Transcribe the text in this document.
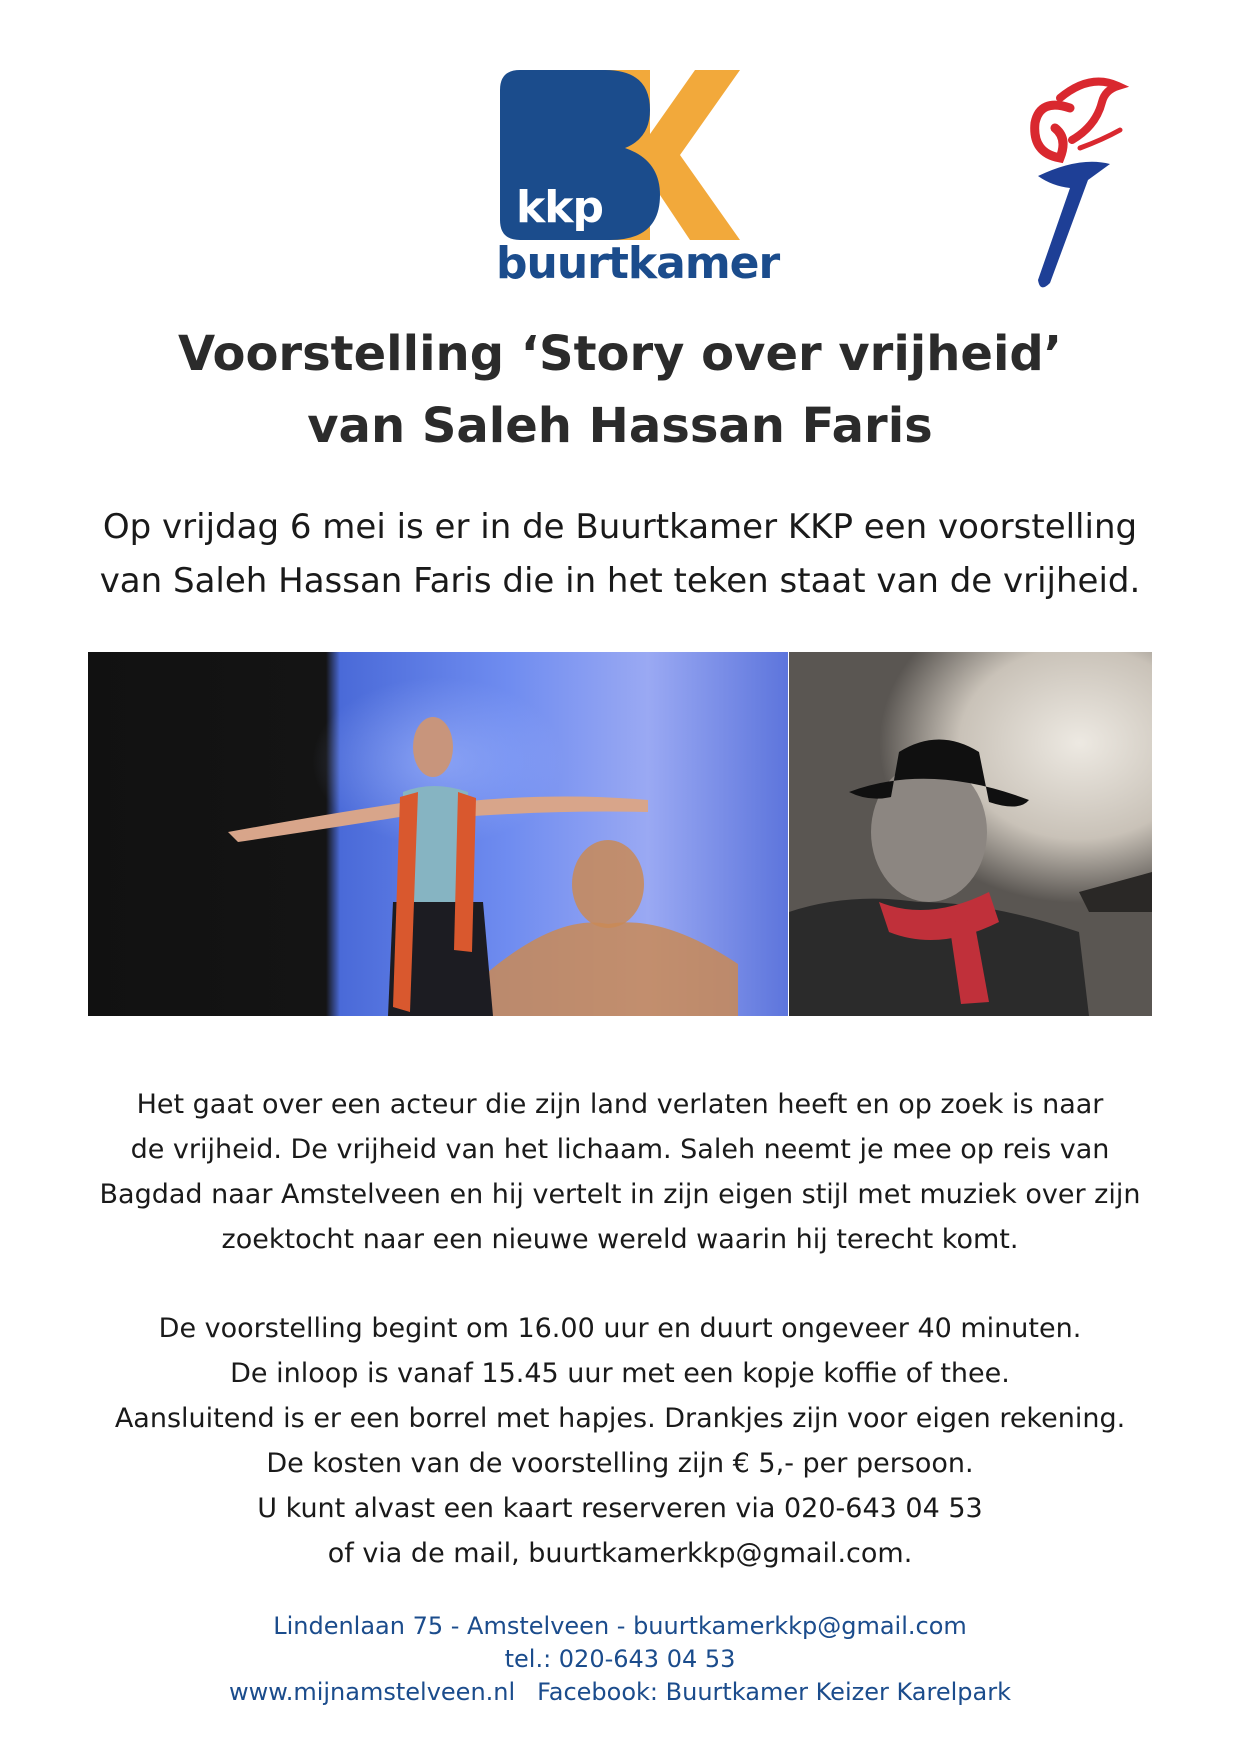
kkp
buurtkamer
Voorstelling ‘Story over vrijheid’
van Saleh Hassan Faris

Op vrijdag 6 mei is er in de Buurtkamer KKP een voorstelling
van Saleh Hassan Faris die in het teken staat van de vrijheid.

Het gaat over een acteur die zijn land verlaten heeft en op zoek is naar
de vrijheid. De vrijheid van het lichaam. Saleh neemt je mee op reis van
Bagdad naar Amstelveen en hij vertelt in zijn eigen stijl met muziek over zijn
zoektocht naar een nieuwe wereld waarin hij terecht komt.

De voorstelling begint om 16.00 uur en duurt ongeveer 40 minuten.
De inloop is vanaf 15.45 uur met een kopje koffie of thee.
Aansluitend is er een borrel met hapjes. Drankjes zijn voor eigen rekening.
De kosten van de voorstelling zijn € 5,- per persoon.
U kunt alvast een kaart reserveren via 020-643 04 53
of via de mail, buurtkamerkkp@gmail.com.

Lindenlaan 75 - Amstelveen - buurtkamerkkp@gmail.com
tel.: 020-643 04 53
www.mijnamstelveen.nl Facebook: Buurtkamer Keizer Karelpark
